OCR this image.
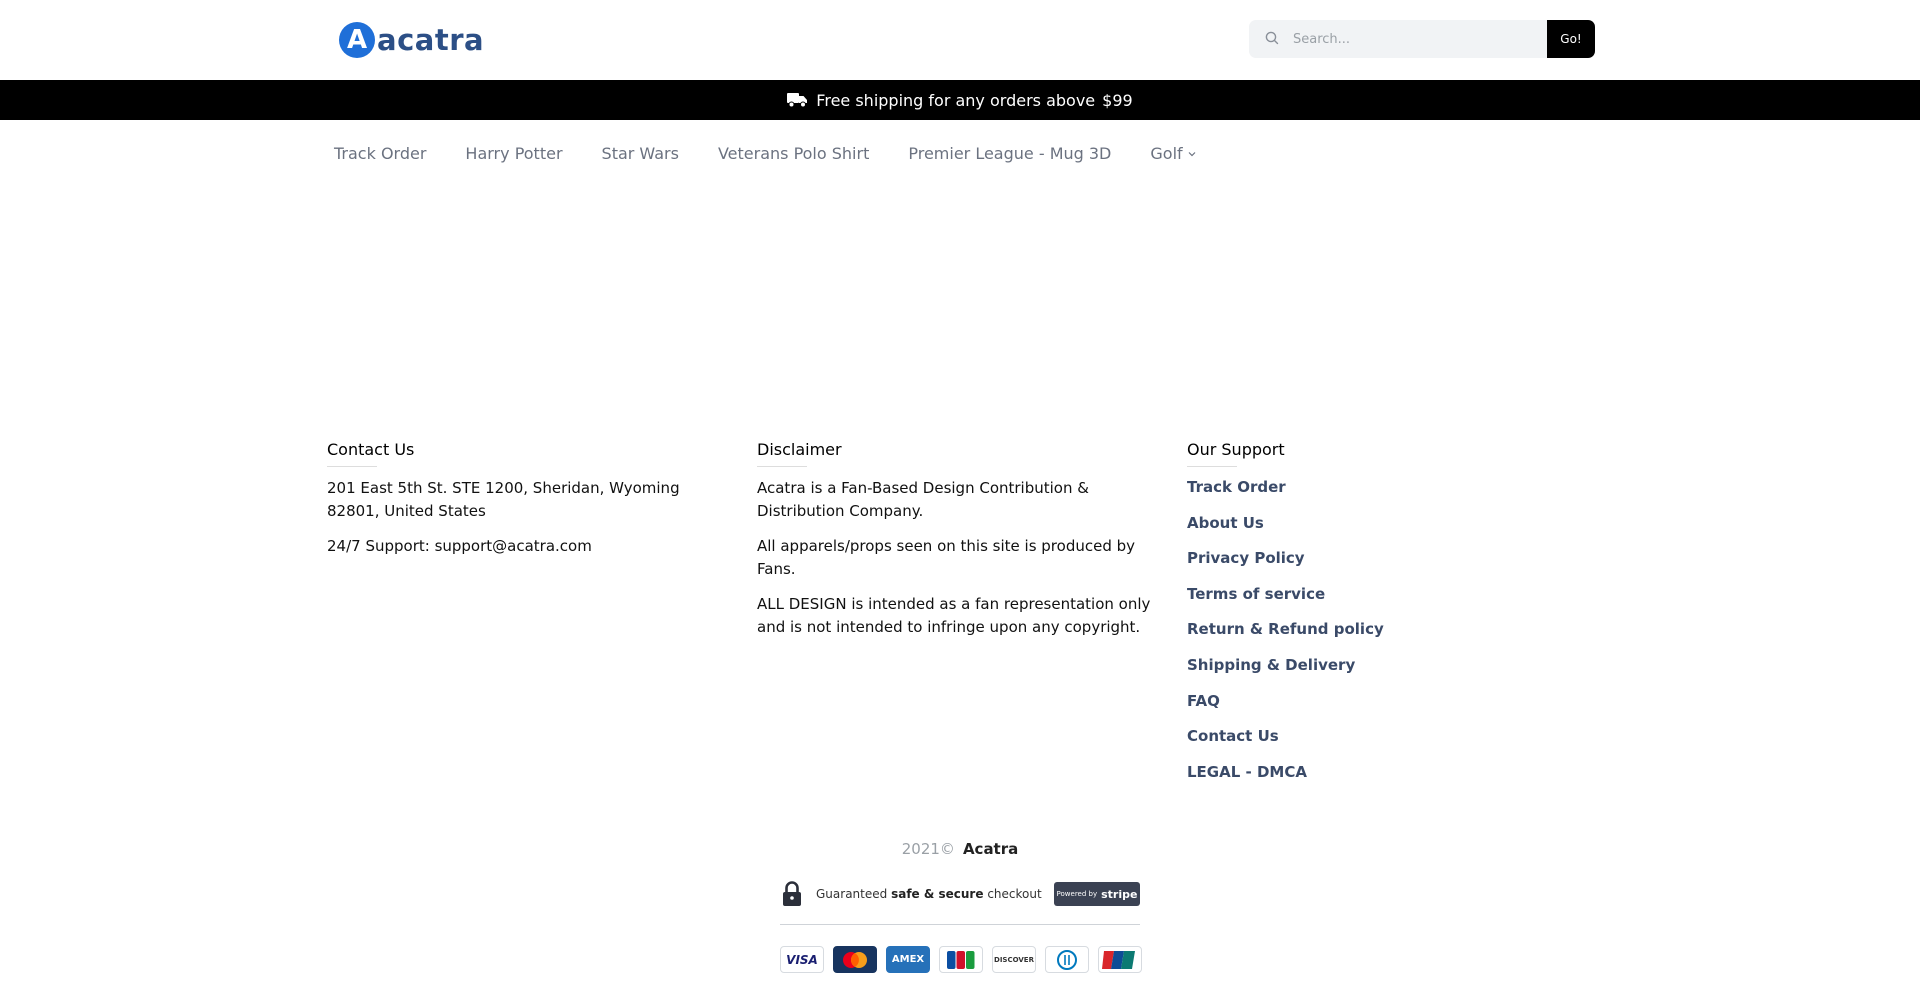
A acatra
Search...	Go!
Free shipping for any orders above $99
Track Order Harry Potter Star Wars Veterans Polo Shirt Premier League - Mug 3D Golf
Contact Us

201 East 5th St. STE 1200, Sheridan, Wyoming 82801, United States

24/7 Support: support@acatra.com

Disclaimer

Acatra is a Fan-Based Design Contribution & Distribution Company.

All apparels/props seen on this site is produced by Fans.

ALL DESIGN is intended as a fan representation only and is not intended to infringe upon any copyright.

Our Support
Track Order
About Us
Privacy Policy
Terms of service
Return & Refund policy
Shipping & Delivery
FAQ
Contact Us
LEGAL - DMCA
2021© Acatra
Guaranteed safe & secure checkout Powered by stripe
VISA	AMEX	DISCOVER
